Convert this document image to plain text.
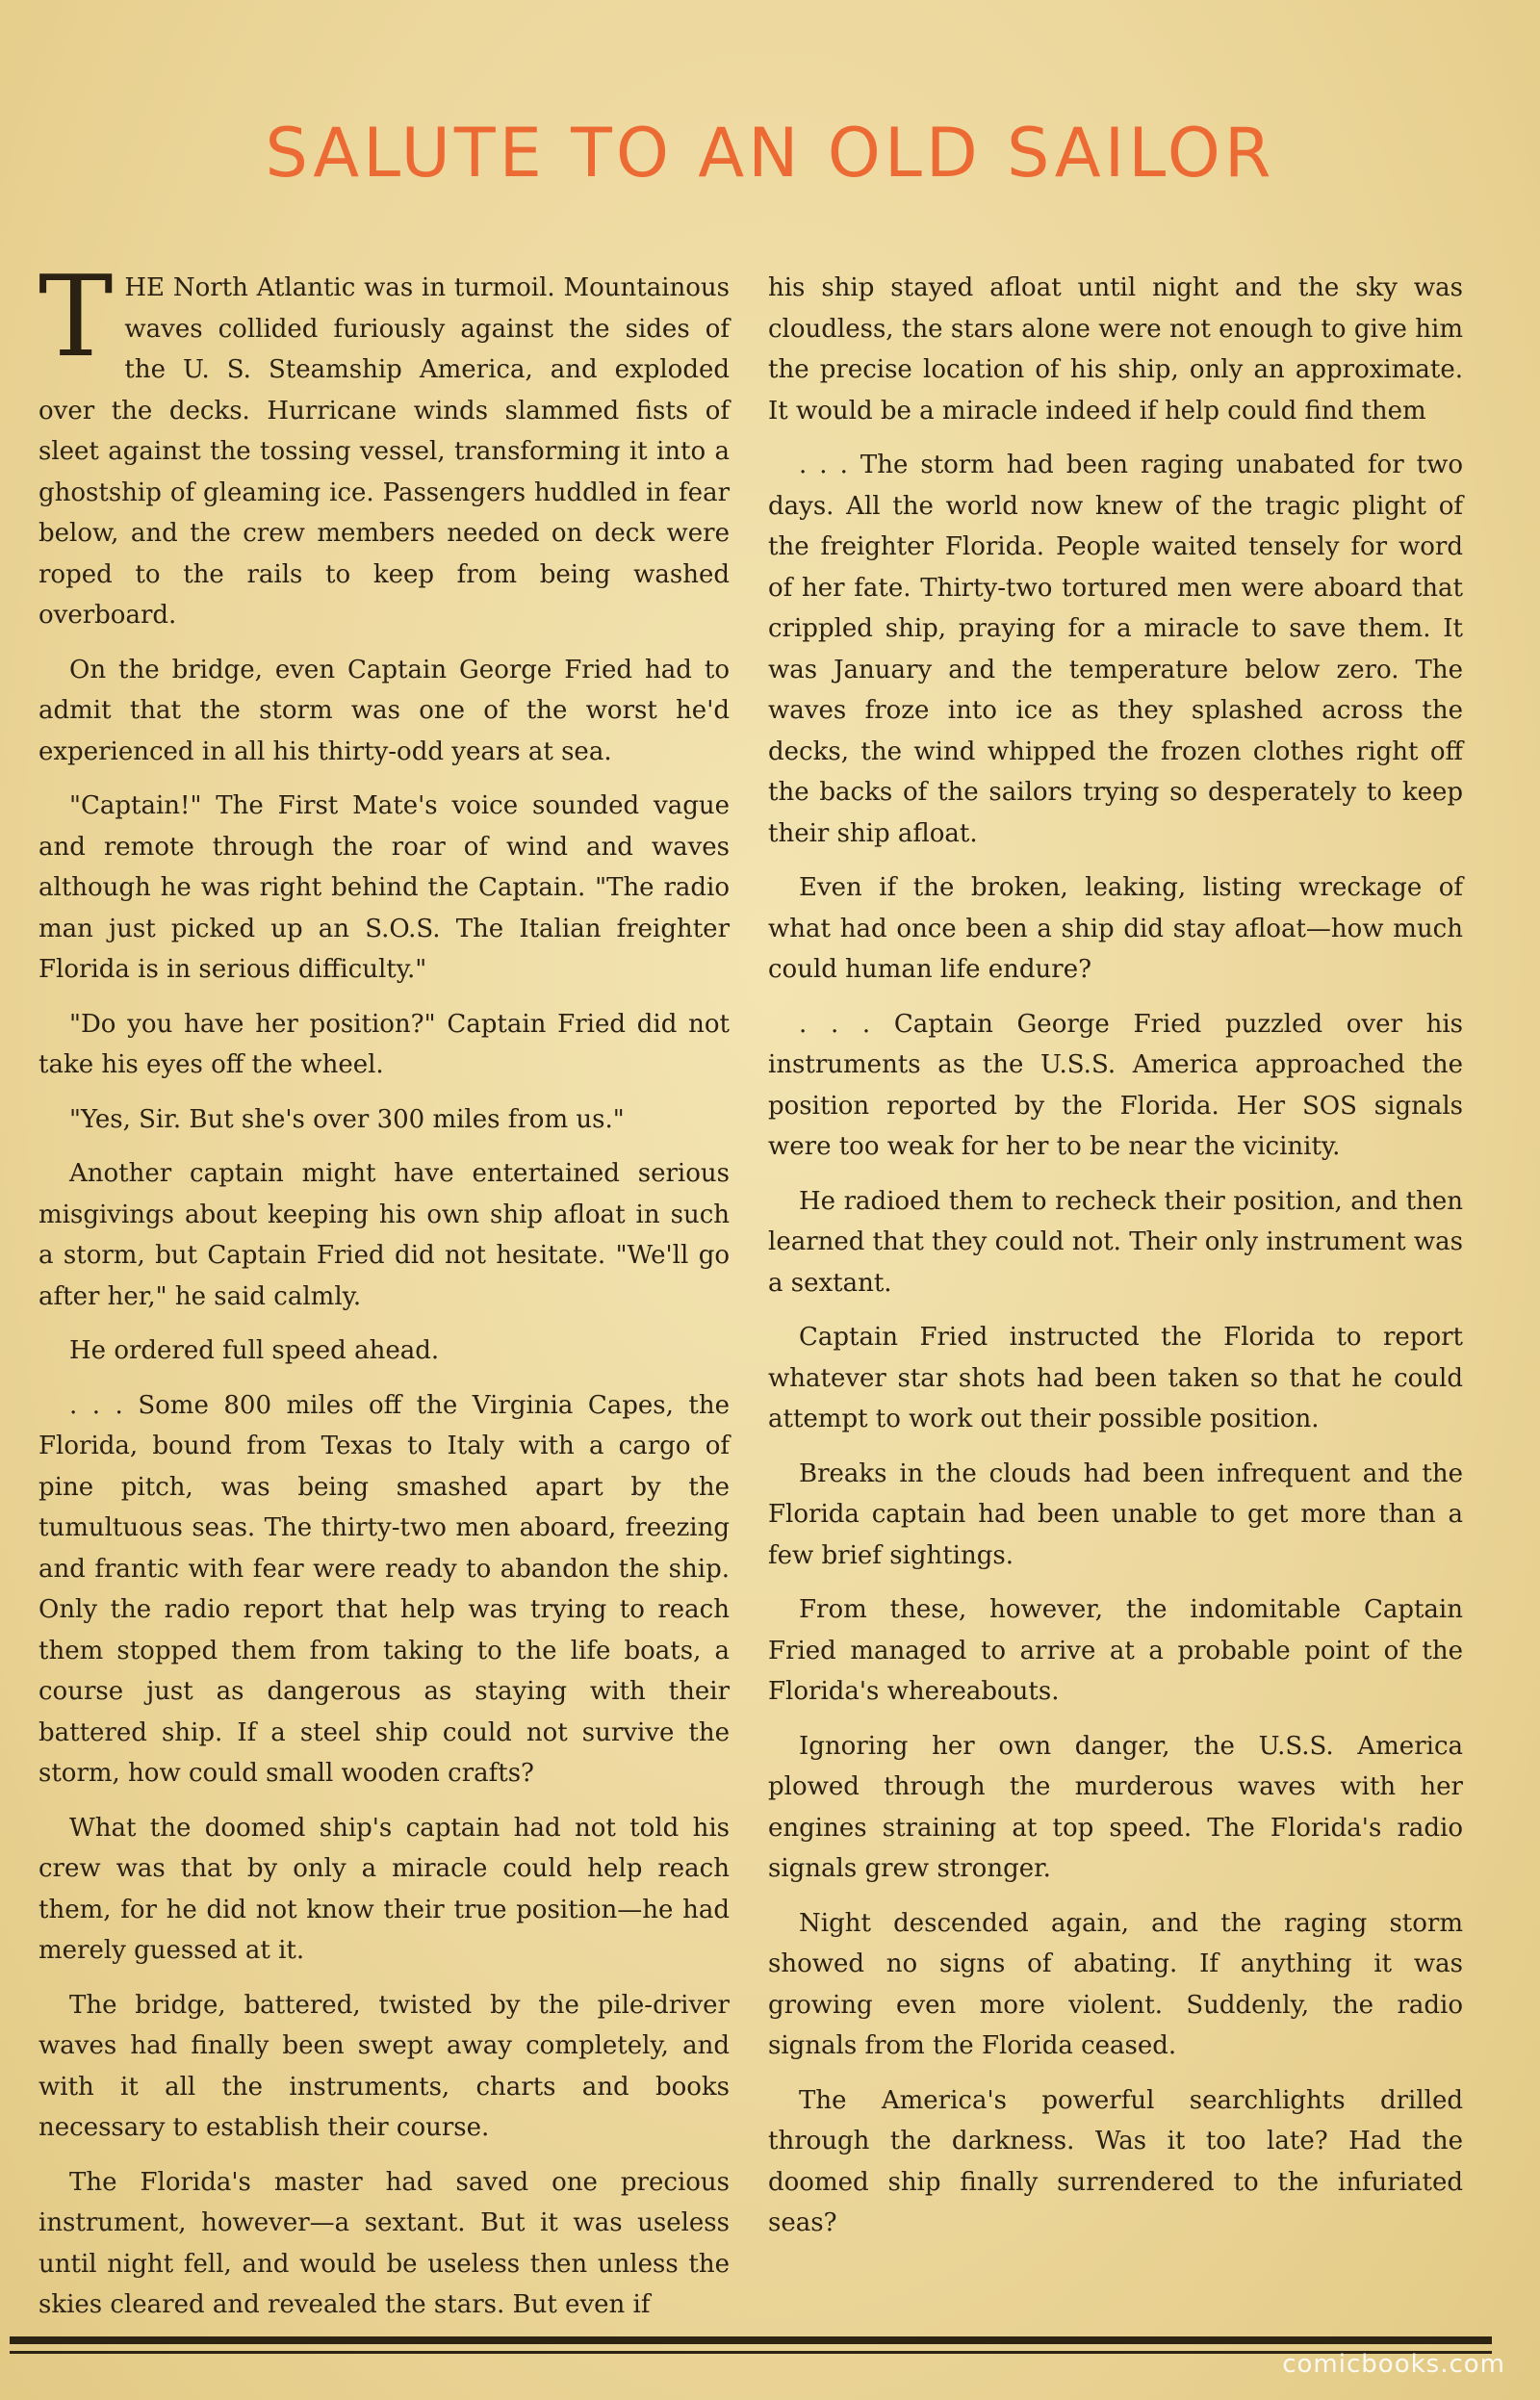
SALUTE TO AN OLD SAILOR

THE North Atlantic was in turmoil. Mountainous waves collided furiously against the sides of the U. S. Steamship America, and exploded over the decks. Hurricane winds slammed fists of sleet against the tossing vessel, transforming it into a ghostship of gleaming ice. Passengers huddled in fear below, and the crew members needed on deck were roped to the rails to keep from being washed overboard.

On the bridge, even Captain George Fried had to admit that the storm was one of the worst he'd experienced in all his thirty-odd years at sea.

"Captain!" The First Mate's voice sounded vague and remote through the roar of wind and waves although he was right behind the Captain. "The radio man just picked up an S.O.S. The Italian freighter Florida is in serious difficulty."

"Do you have her position?" Captain Fried did not take his eyes off the wheel.

"Yes, Sir. But she's over 300 miles from us."

Another captain might have entertained serious misgivings about keeping his own ship afloat in such a storm, but Captain Fried did not hesitate. "We'll go after her," he said calmly.

He ordered full speed ahead.

. . . Some 800 miles off the Virginia Capes, the Florida, bound from Texas to Italy with a cargo of pine pitch, was being smashed apart by the tumultuous seas. The thirty-two men aboard, freezing and frantic with fear were ready to abandon the ship. Only the radio report that help was trying to reach them stopped them from taking to the life boats, a course just as dangerous as staying with their battered ship. If a steel ship could not survive the storm, how could small wooden crafts?

What the doomed ship's captain had not told his crew was that by only a miracle could help reach them, for he did not know their true position—he had merely guessed at it.

The bridge, battered, twisted by the pile-driver waves had finally been swept away completely, and with it all the instruments, charts and books necessary to establish their course.

The Florida's master had saved one precious instrument, however—a sextant. But it was useless until night fell, and would be useless then unless the skies cleared and revealed the stars. But even if

his ship stayed afloat until night and the sky was cloudless, the stars alone were not enough to give him the precise location of his ship, only an approximate. It would be a miracle indeed if help could find them

. . . The storm had been raging unabated for two days. All the world now knew of the tragic plight of the freighter Florida. People waited tensely for word of her fate. Thirty-two tortured men were aboard that crippled ship, praying for a miracle to save them. It was January and the temperature below zero. The waves froze into ice as they splashed across the decks, the wind whipped the frozen clothes right off the backs of the sailors trying so desperately to keep their ship afloat.

Even if the broken, leaking, listing wreckage of what had once been a ship did stay afloat—how much could human life endure?

. . . Captain George Fried puzzled over his instruments as the U.S.S. America approached the position reported by the Florida. Her SOS signals were too weak for her to be near the vicinity.

He radioed them to recheck their position, and then learned that they could not. Their only instrument was a sextant.

Captain Fried instructed the Florida to report whatever star shots had been taken so that he could attempt to work out their possible position.

Breaks in the clouds had been infrequent and the Florida captain had been unable to get more than a few brief sightings.

From these, however, the indomitable Captain Fried managed to arrive at a probable point of the Florida's whereabouts.

Ignoring her own danger, the U.S.S. America plowed through the murderous waves with her engines straining at top speed. The Florida's radio signals grew stronger.

Night descended again, and the raging storm showed no signs of abating. If anything it was growing even more violent. Suddenly, the radio signals from the Florida ceased.

The America's powerful searchlights drilled through the darkness. Was it too late? Had the doomed ship finally surrendered to the infuriated seas?

comicbooks.com
